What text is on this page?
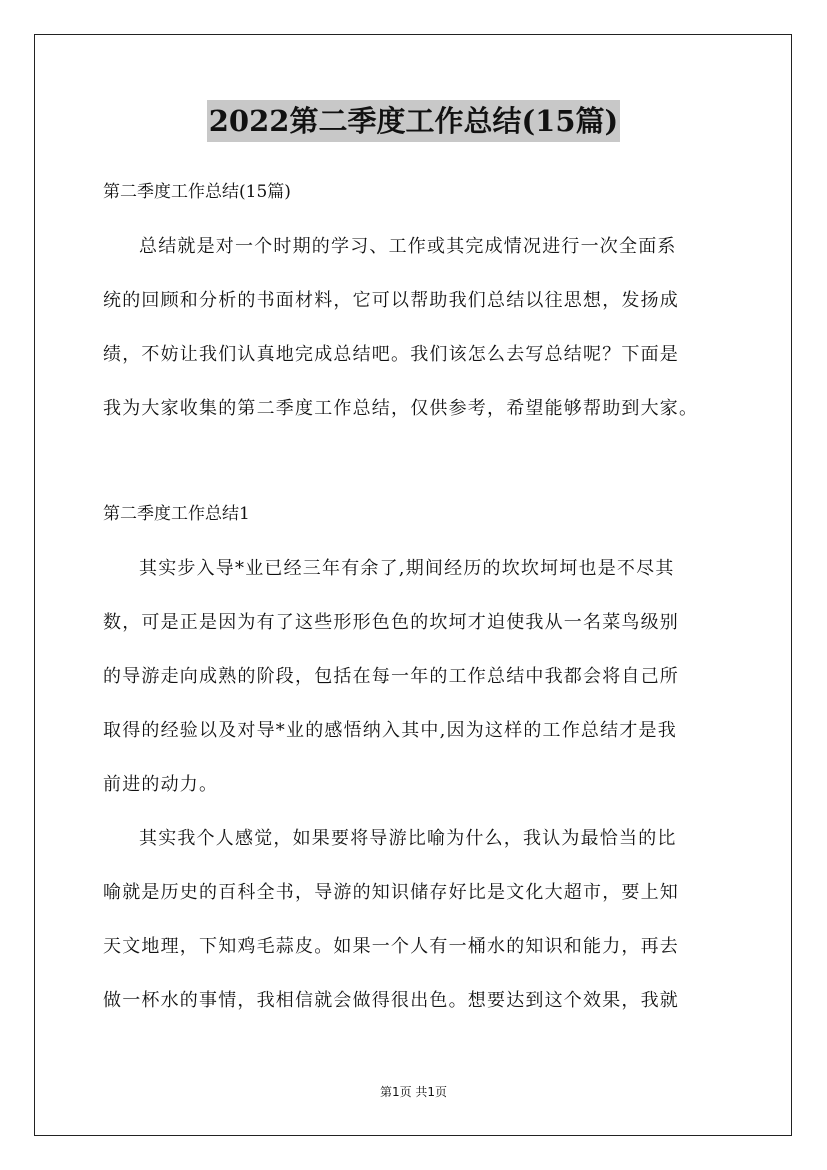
2022第二季度工作总结(15篇)

第二季度工作总结(15篇)

总结就是对一个时期的学习、工作或其完成情况进行一次全面系
统的回顾和分析的书面材料，它可以帮助我们总结以往思想，发扬成
绩，不妨让我们认真地完成总结吧。我们该怎么去写总结呢？下面是
我为大家收集的第二季度工作总结，仅供参考，希望能够帮助到大家。

第二季度工作总结1

其实步入导*业已经三年有余了,期间经历的坎坎坷坷也是不尽其
数，可是正是因为有了这些形形色色的坎坷才迫使我从一名菜鸟级别
的导游走向成熟的阶段，包括在每一年的工作总结中我都会将自己所
取得的经验以及对导*业的感悟纳入其中,因为这样的工作总结才是我
前进的动力。

其实我个人感觉，如果要将导游比喻为什么，我认为最恰当的比
喻就是历史的百科全书，导游的知识储存好比是文化大超市，要上知
天文地理，下知鸡毛蒜皮。如果一个人有一桶水的知识和能力，再去
做一杯水的事情，我相信就会做得很出色。想要达到这个效果，我就

第1页 共1页
